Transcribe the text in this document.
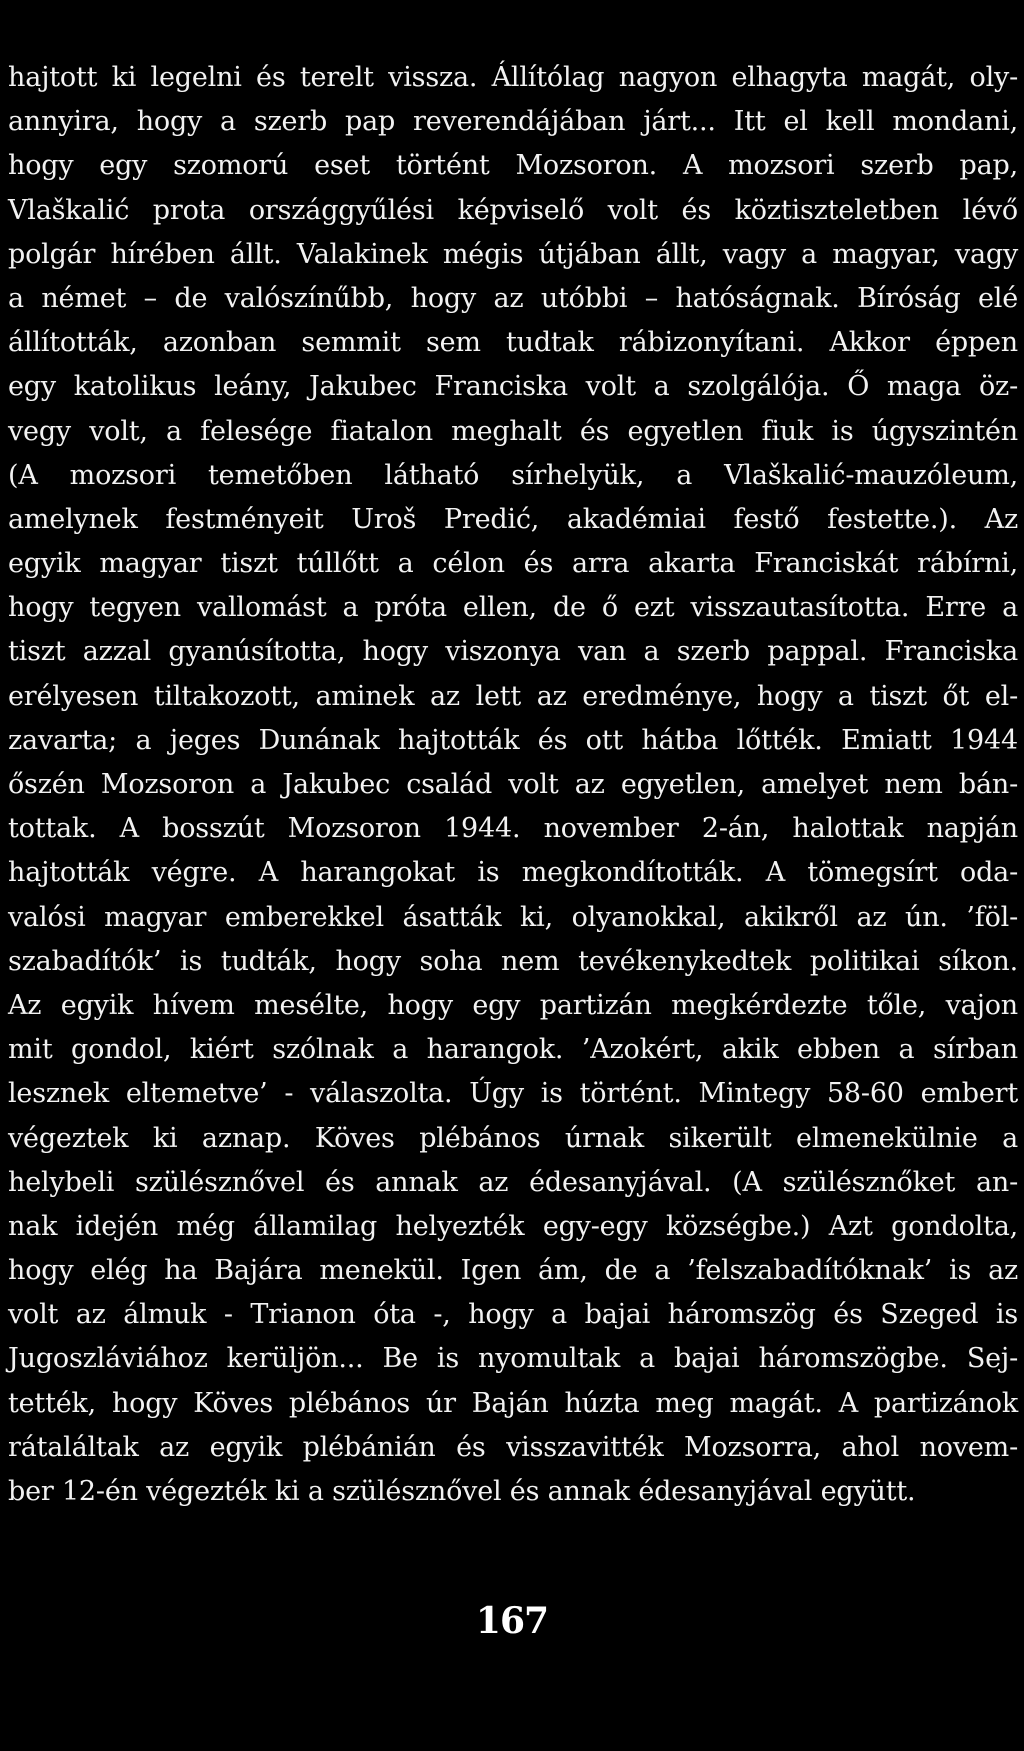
hajtott ki legelni és terelt vissza. Állítólag nagyon elhagyta magát, oly-
annyira, hogy a szerb pap reverendájában járt... Itt el kell mondani,
hogy egy szomorú eset történt Mozsoron. A mozsori szerb pap,
Vlaškalić prota országgyűlési képviselő volt és köztiszteletben lévő
polgár hírében állt. Valakinek mégis útjában állt, vagy a magyar, vagy
a német – de valószínűbb, hogy az utóbbi – hatóságnak. Bíróság elé
állították, azonban semmit sem tudtak rábizonyítani. Akkor éppen
egy katolikus leány, Jakubec Franciska volt a szolgálója. Ő maga öz-
vegy volt, a felesége fiatalon meghalt és egyetlen fiuk is úgyszintén
(A mozsori temetőben látható sírhelyük, a Vlaškalić-mauzóleum,
amelynek festményeit Uroš Predić, akadémiai festő festette.). Az
egyik magyar tiszt túllőtt a célon és arra akarta Franciskát rábírni,
hogy tegyen vallomást a próta ellen, de ő ezt visszautasította. Erre a
tiszt azzal gyanúsította, hogy viszonya van a szerb pappal. Franciska
erélyesen tiltakozott, aminek az lett az eredménye, hogy a tiszt őt el-
zavarta; a jeges Dunának hajtották és ott hátba lőtték. Emiatt 1944
őszén Mozsoron a Jakubec család volt az egyetlen, amelyet nem bán-
tottak. A bosszút Mozsoron 1944. november 2-án, halottak napján
hajtották végre. A harangokat is megkondították. A tömegsírt oda-
valósi magyar emberekkel ásatták ki, olyanokkal, akikről az ún. ’föl-
szabadítók’ is tudták, hogy soha nem tevékenykedtek politikai síkon.
Az egyik hívem mesélte, hogy egy partizán megkérdezte tőle, vajon
mit gondol, kiért szólnak a harangok. ’Azokért, akik ebben a sírban
lesznek eltemetve’ - válaszolta. Úgy is történt. Mintegy 58-60 embert
végeztek ki aznap. Köves plébános úrnak sikerült elmenekülnie a
helybeli szülésznővel és annak az édesanyjával. (A szülésznőket an-
nak idején még államilag helyezték egy-egy községbe.) Azt gondolta,
hogy elég ha Bajára menekül. Igen ám, de a ’felszabadítóknak’ is az
volt az álmuk - Trianon óta -, hogy a bajai háromszög és Szeged is
Jugoszláviához kerüljön... Be is nyomultak a bajai háromszögbe. Sej-
tették, hogy Köves plébános úr Baján húzta meg magát. A partizánok
rátaláltak az egyik plébánián és visszavitték Mozsorra, ahol novem-
ber 12-én végezték ki a szülésznővel és annak édesanyjával együtt.
167
